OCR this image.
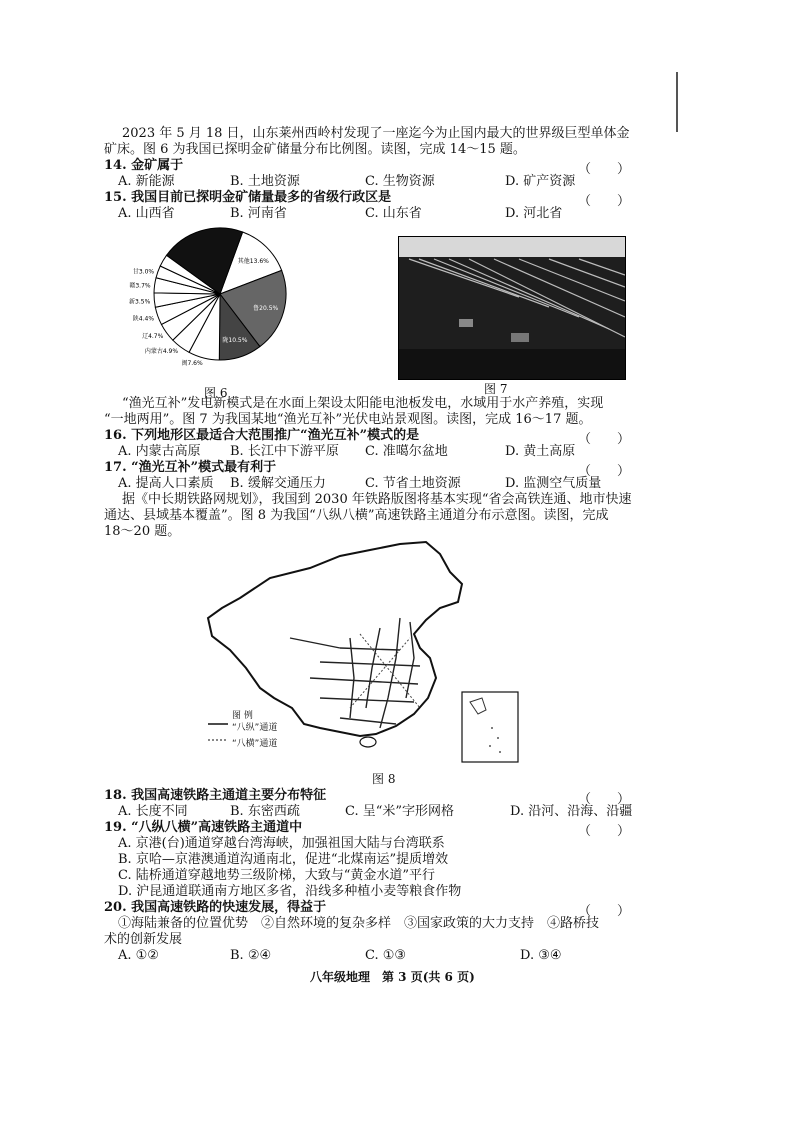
2023 年 5 月 18 日，山东莱州西岭村发现了一座迄今为止国内最大的世界级巨型单体金
矿床。图 6 为我国已探明金矿储量分布比例图。读图，完成 14～15 题。
14. 金矿属于	（　　）
A. 新能源	B. 土地资源	C. 生物资源	D. 矿产资源
15. 我国目前已探明金矿储量最多的省级行政区是	（　　）
A. 山西省	B. 河南省	C. 山东省	D. 河北省
其他13.6%
鲁20.5%
陇10.5%
闽7.6%
内蒙古4.9%
辽4.7%
陕4.4%
新3.5%
赣3.7%
甘3.0%
图 6	图 7
“渔光互补”发电新模式是在水面上架设太阳能电池板发电，水域用于水产养殖，实现
“一地两用”。图 7 为我国某地“渔光互补”光伏电站景观图。读图，完成 16～17 题。
16. 下列地形区最适合大范围推广“渔光互补”模式的是	（　　）
A. 内蒙古高原 B. 长江中下游平原 C. 准噶尔盆地	D. 黄土高原
17. “渔光互补”模式最有利于	（　　）
A. 提高人口素质 B. 缓解交通压力	C. 节省土地资源	D. 监测空气质量
据《中长期铁路网规划》，我国到 2030 年铁路版图将基本实现“省会高铁连通、地市快速
通达、县域基本覆盖”。图 8 为我国“八纵八横”高速铁路主通道分布示意图。读图，完成
18～20 题。
图 例
“八纵”通道
“八横”通道
图 8
18. 我国高速铁路主通道主要分布特征	（　　）
A. 长度不同	B. 东密西疏	C. 呈“米”字形网格	D. 沿河、沿海、沿疆
19. “八纵八横”高速铁路主通道中	（　　）
A. 京港(台)通道穿越台湾海峡，加强祖国大陆与台湾联系
B. 京哈—京港澳通道沟通南北，促进“北煤南运”提质增效
C. 陆桥通道穿越地势三级阶梯，大致与“黄金水道”平行
D. 沪昆通道联通南方地区多省，沿线多种植小麦等粮食作物
20. 我国高速铁路的快速发展，得益于	（　　）
①海陆兼备的位置优势　②自然环境的复杂多样　③国家政策的大力支持　④路桥技
术的创新发展
A. ①②	B. ②④	C. ①③	D. ③④
八年级地理　第 3 页(共 6 页)
